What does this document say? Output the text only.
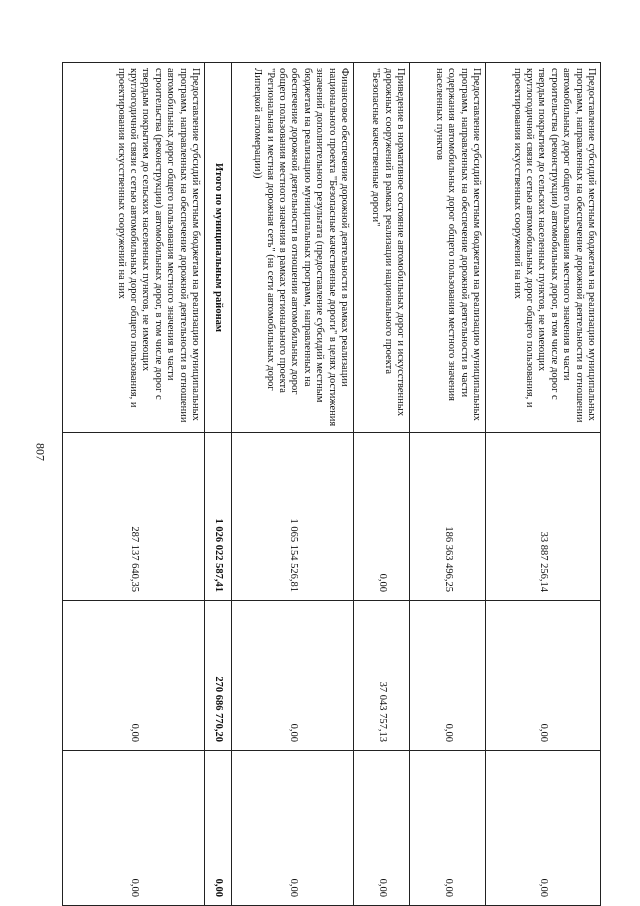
807
Предоставление субсидий местным бюджетам на реализацию муниципальных программ, направленных на обеспечение дорожной деятельности в отношении автомобильных дорог общего пользования местного значения в части строительства (реконструкции) автомобильных дорог, в том числе дорог с твердым покрытием до сельских населенных пунктов, не имеющих круглогодичной связи с сетью автомобильных дорог общего пользования, и проектирования искусственных сооружений на них	33 887 256,14	0,00	0,00
Предоставление субсидий местным бюджетам на реализацию муниципальных программ, направленных на обеспечение дорожной деятельности в части содержания автомобильных дорог общего пользования местного значения населенных пунктов	186 363 496,25	0,00	0,00
Приведение в нормативное состояние автомобильных дорог и искусственных дорожных сооружений в рамках реализации национального проекта "Безопасные качественные дороги"	0,00	37 043 757,13	0,00
Финансовое обеспечение дорожной деятельности в рамках реализации национального проекта "Безопасные качественные дороги" в целях достижения значений дополнительного результата (предоставление субсидий местным бюджетам на реализацию муниципальных программ, направленных на обеспечение дорожной деятельности в отношении автомобильных дорог общего пользования местного значения в рамках регионального проекта "Региональная и местная дорожная сеть" (на сети автомобильных дорог Липецкой агломерации))	1 065 154 526,81	0,00	0,00
Итого по муниципальным районам	1 026 022 587,41	270 686 770,20	0,00
Предоставление субсидий местным бюджетам на реализацию муниципальных программ, направленных на обеспечение дорожной деятельности в отношении автомобильных дорог общего пользования местного значения в части строительства (реконструкции) автомобильных дорог, в том числе дорог с твердым покрытием до сельских населенных пунктов, не имеющих круглогодичной связи с сетью автомобильных дорог общего пользования, и проектирования искусственных сооружений на них	287 137 640,35	0,00	0,00
